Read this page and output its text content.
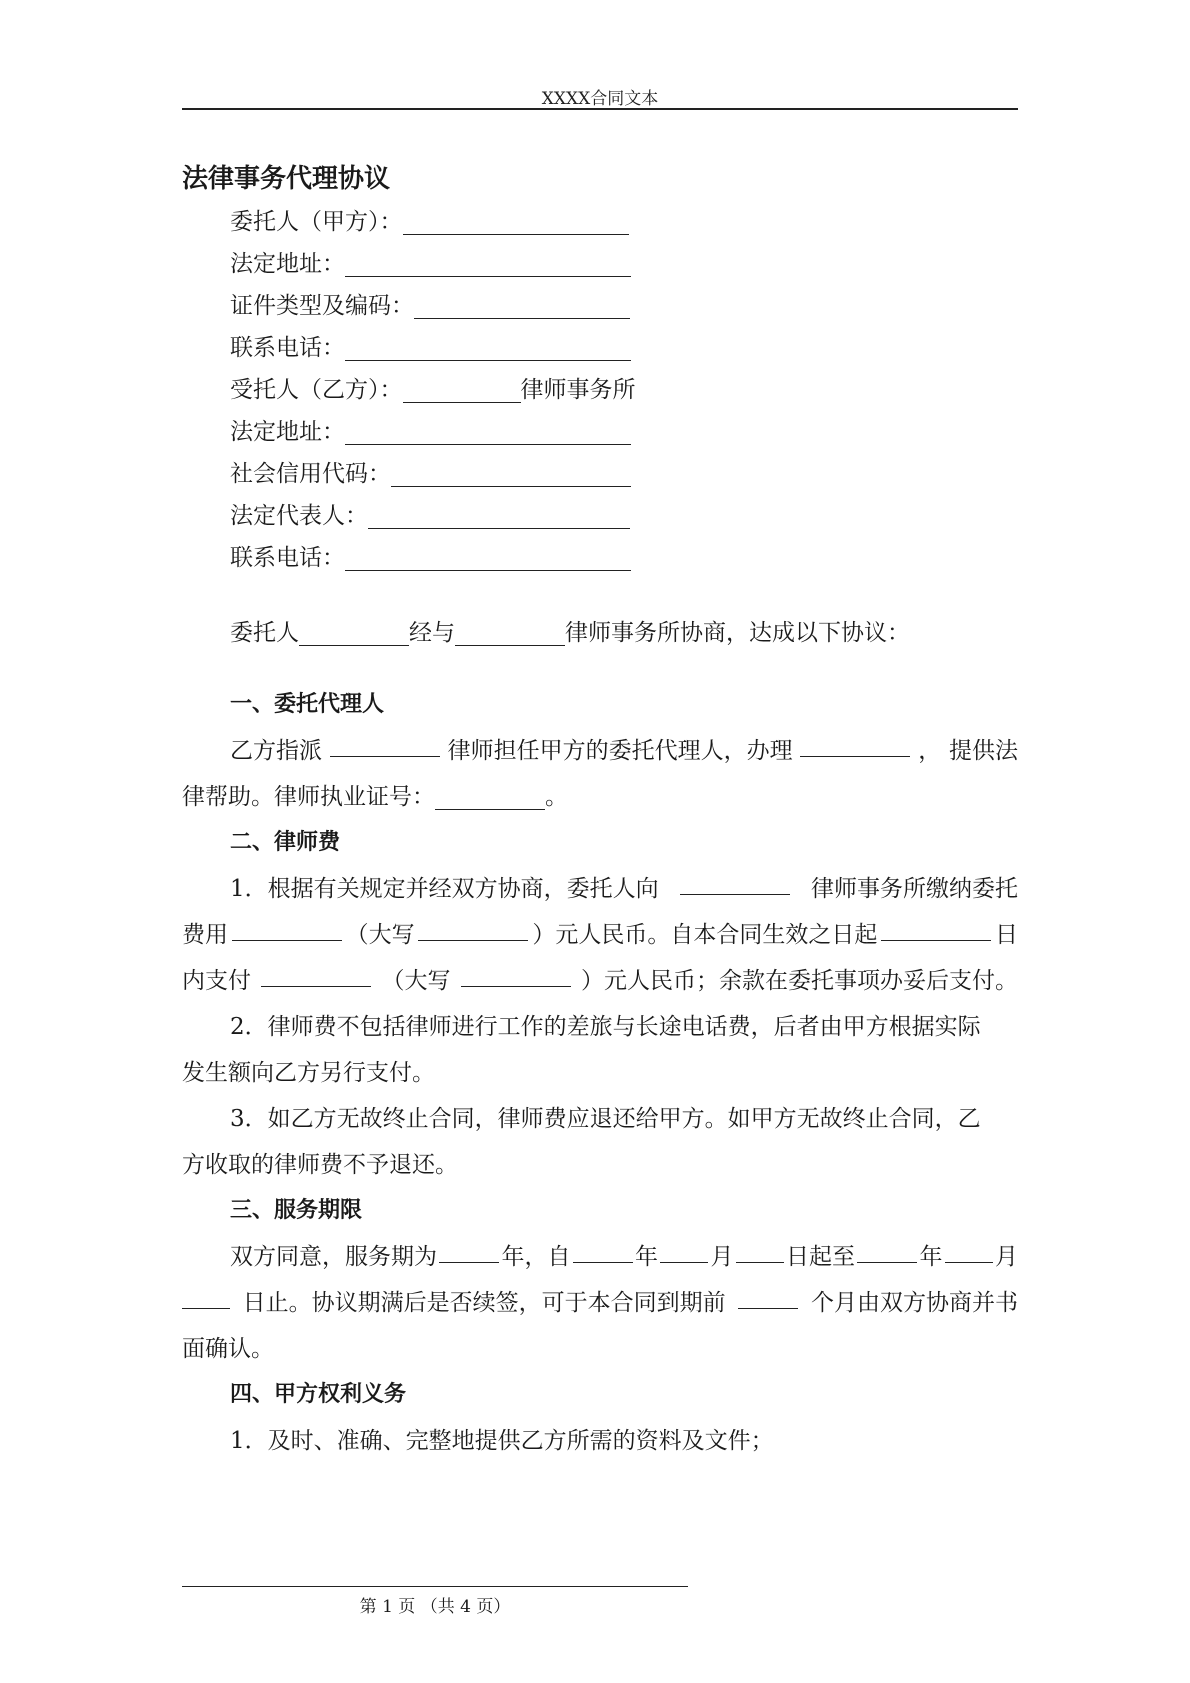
XXXX合同文本
法律事务代理协议
委托人（甲方）：
法定地址：
证件类型及编码：
联系电话：
受托人（乙方）：	律师事务所
法定地址：
社会信用代码：
法定代表人：
联系电话：
委托人	经与	律师事务所协商，达成以下协议：
一、委托代理人
乙方指派	律师担任甲方的委托代理人，办理	， 提供法
律帮助。律师执业证号：	。
二、律师费
1．根据有关规定并经双方协商，委托人向	律师事务所缴纳委托
费用	（大写	）元人民币。自本合同生效之日起	日
内支付	（大写	）元人民币；余款在委托事项办妥后支付。
2．律师费不包括律师进行工作的差旅与长途电话费，后者由甲方根据实际
发生额向乙方另行支付。
3．如乙方无故终止合同，律师费应退还给甲方。如甲方无故终止合同，乙
方收取的律师费不予退还。
三、服务期限
双方同意，服务期为	年，自	年 月 日起至	年 月
日止。协议期满后是否续签，可于本合同到期前	个月由双方协商并书
面确认。
四、甲方权利义务
1．及时、准确、完整地提供乙方所需的资料及文件；
第 1 页 （共 4 页）
